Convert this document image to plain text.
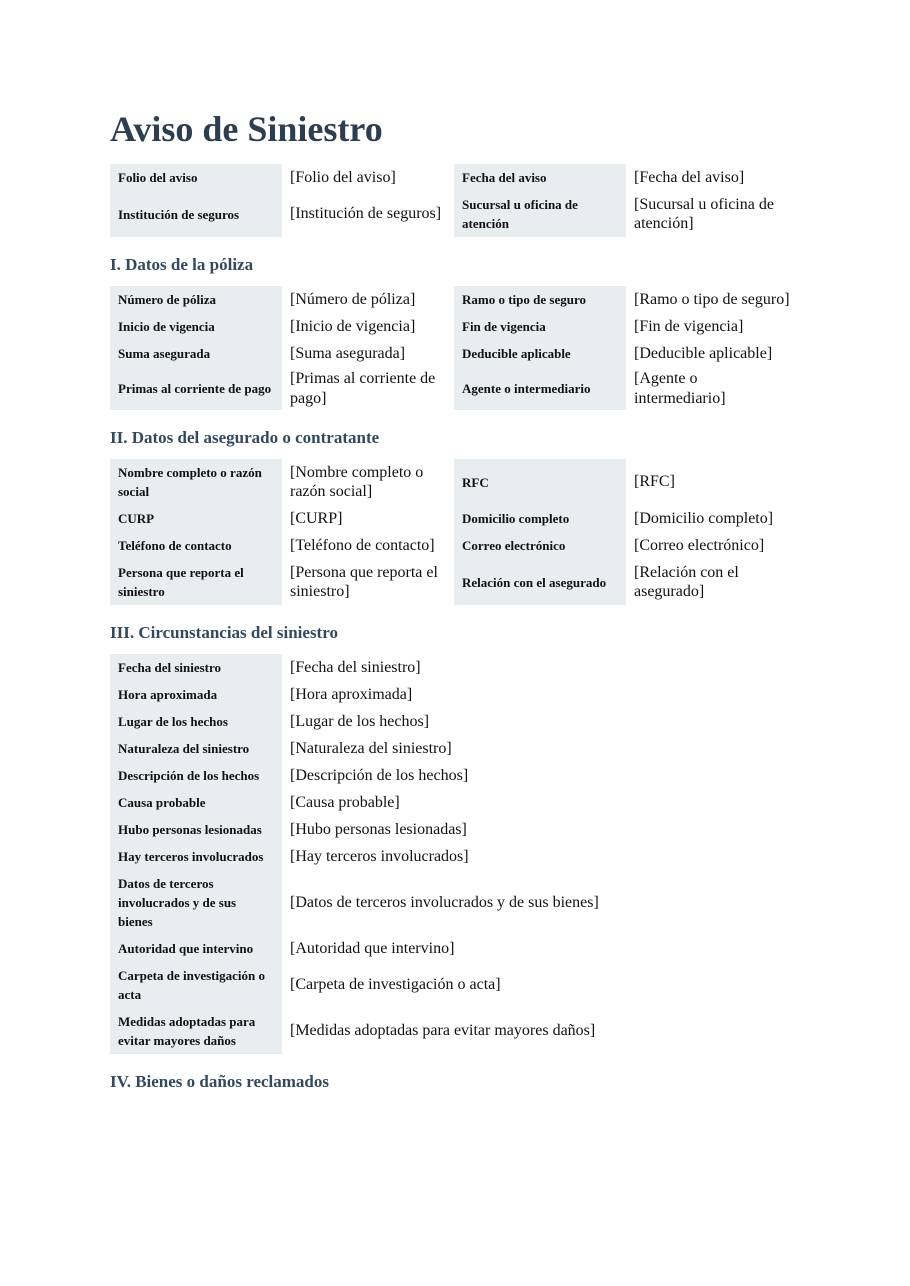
Aviso de Siniestro
Folio del aviso	[Folio del aviso]	Fecha del aviso	[Fecha del aviso]
Institución de seguros	[Institución de seguros]	Sucursal u oficina de atención	[Sucursal u oficina de atención]
I. Datos de la póliza
Número de póliza	[Número de póliza]	Ramo o tipo de seguro	[Ramo o tipo de seguro]
Inicio de vigencia	[Inicio de vigencia]	Fin de vigencia	[Fin de vigencia]
Suma asegurada	[Suma asegurada]	Deducible aplicable	[Deducible aplicable]
Primas al corriente de pago	[Primas al corriente de pago]	Agente o intermediario	[Agente o intermediario]
II. Datos del asegurado o contratante
Nombre completo o razón social	[Nombre completo o razón social]	RFC	[RFC]
CURP	[CURP]	Domicilio completo	[Domicilio completo]
Teléfono de contacto	[Teléfono de contacto]	Correo electrónico	[Correo electrónico]
Persona que reporta el siniestro	[Persona que reporta el siniestro]	Relación con el asegurado	[Relación con el asegurado]
III. Circunstancias del siniestro
Fecha del siniestro	[Fecha del siniestro]
Hora aproximada	[Hora aproximada]
Lugar de los hechos	[Lugar de los hechos]
Naturaleza del siniestro	[Naturaleza del siniestro]
Descripción de los hechos	[Descripción de los hechos]
Causa probable	[Causa probable]
Hubo personas lesionadas	[Hubo personas lesionadas]
Hay terceros involucrados	[Hay terceros involucrados]
Datos de terceros involucrados y de sus bienes	[Datos de terceros involucrados y de sus bienes]
Autoridad que intervino	[Autoridad que intervino]
Carpeta de investigación o acta	[Carpeta de investigación o acta]
Medidas adoptadas para evitar mayores daños	[Medidas adoptadas para evitar mayores daños]
IV. Bienes o daños reclamados
